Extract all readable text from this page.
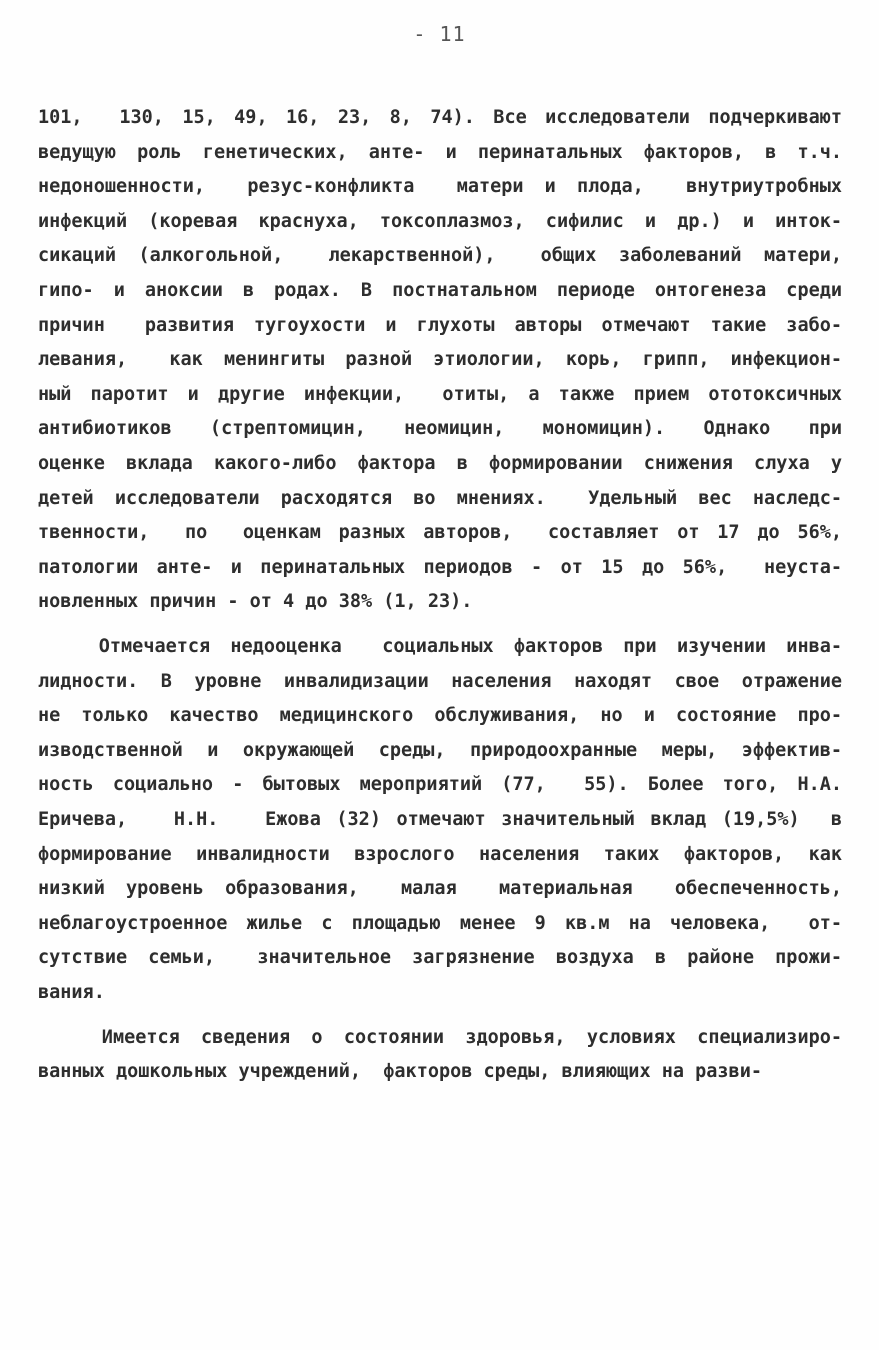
- 11
101,  130, 15, 49, 16, 23, 8, 74). Все исследователи подчеркивают
ведущую роль генетических, анте- и перинатальных факторов, в т.ч.
недоношенности,  резус-конфликта  матери и плода,  внутриутробных
инфекций (коревая краснуха, токсоплазмоз, сифилис и др.) и инток-
сикаций (алкогольной,  лекарственной),  общих заболеваний матери,
гипо- и аноксии в родах. В постнатальном периоде онтогенеза среди
причин  развития тугоухости и глухоты авторы отмечают такие забо-
левания,  как менингиты разной этиологии, корь, грипп, инфекцион-
ный паротит и другие инфекции,  отиты, а также прием ототоксичных
антибиотиков  (стрептомицин,  неомицин,  мономицин).  Однако  при
оценке вклада какого-либо фактора в формировании снижения слуха у
детей исследователи расходятся во мнениях.  Удельный вес наследс-
твенности,  по  оценкам разных авторов,  составляет от 17 до 56%,
патологии анте- и перинатальных периодов - от 15 до 56%,  неуста-
новленных причин - от 4 до 38% (1, 23).
Отмечается недооценка  социальных факторов при изучении инва-
лидности. В уровне инвалидизации населения находят свое отражение
не только качество медицинского обслуживания, но и состояние про-
изводственной и окружающей среды, природоохранные меры, эффектив-
ность социально - бытовых мероприятий (77,  55). Более того, Н.А.
Еричева,   Н.Н.   Ежова (32) отмечают значительный вклад (19,5%)  в
формирование инвалидности взрослого населения таких факторов, как
низкий уровень образования,  малая  материальная  обеспеченность,
неблагоустроенное жилье с площадью менее 9 кв.м на человека,  от-
сутствие семьи,  значительное загрязнение воздуха в районе прожи-
вания.
Имеется сведения о состоянии здоровья, условиях специализиро-
ванных дошкольных учреждений,  факторов среды, влияющих на разви-
